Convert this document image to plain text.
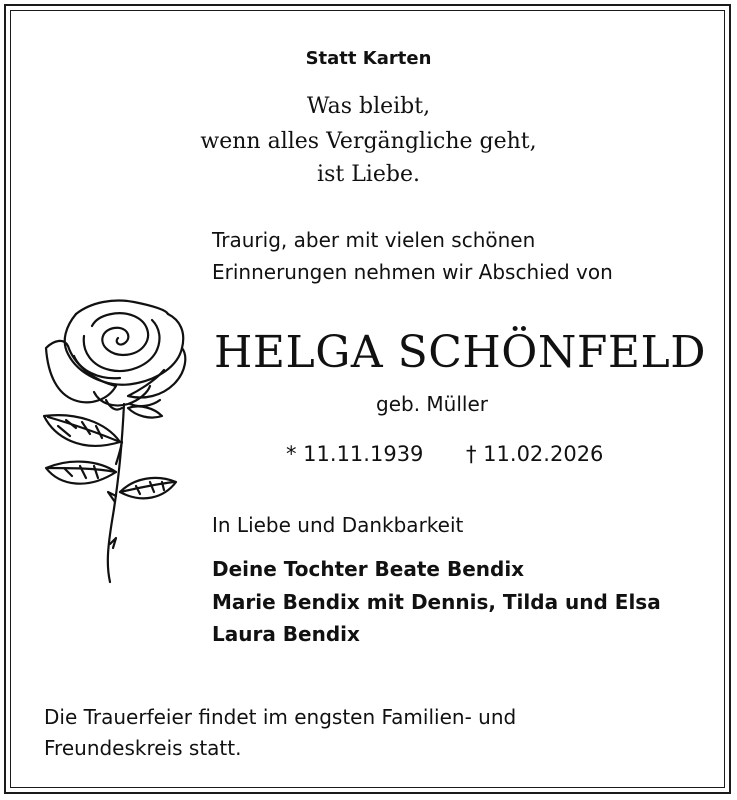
Statt Karten
Was bleibt,
wenn alles Vergängliche geht,
ist Liebe.
Traurig, aber mit vielen schönen
Erinnerungen nehmen wir Abschied von
HELGA SCHÖNFELD
geb. Müller
* 11.11.1939 † 11.02.2026
In Liebe und Dankbarkeit
Deine Tochter Beate Bendix
Marie Bendix mit Dennis, Tilda und Elsa
Laura Bendix
Die Trauerfeier findet im engsten Familien- und
Freundeskreis statt.
